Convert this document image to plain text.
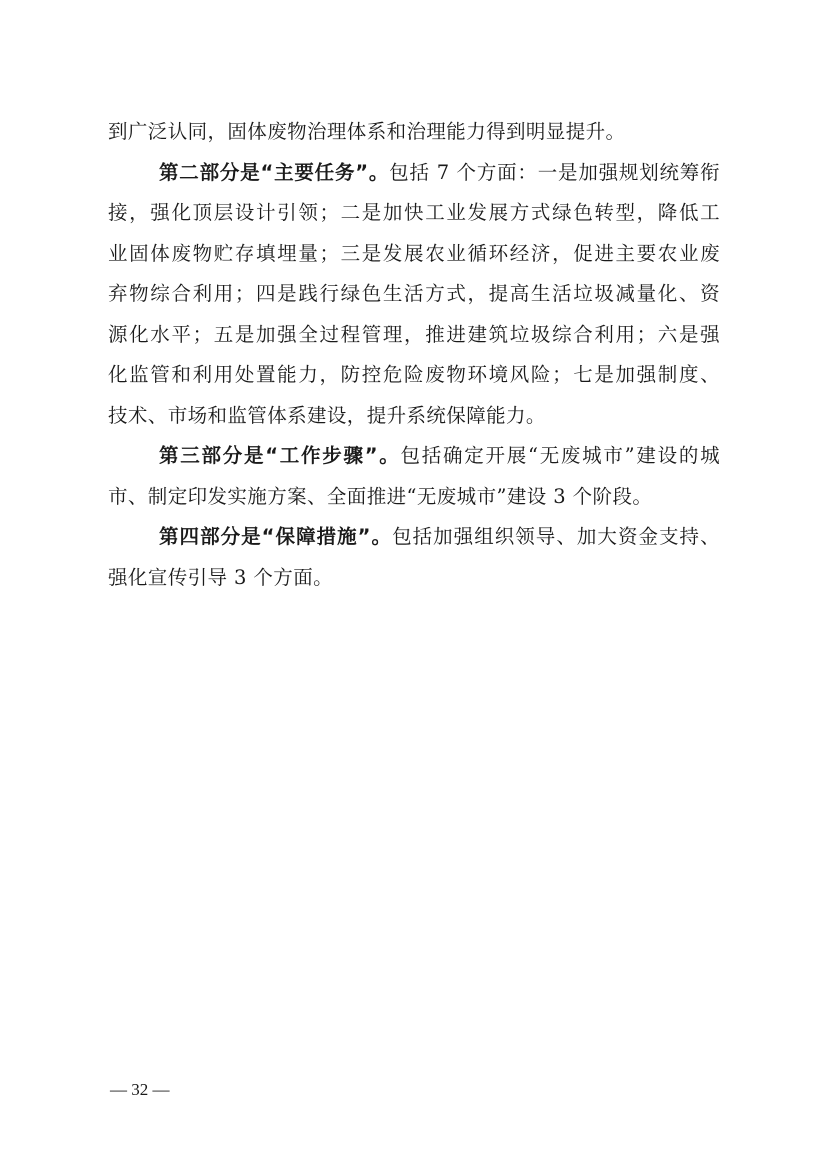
到广泛认同，固体废物治理体系和治理能力得到明显提升。
第二部分是“主要任务”。包括 7 个方面：一是加强规划统筹衔
接，强化顶层设计引领；二是加快工业发展方式绿色转型，降低工
业固体废物贮存填埋量；三是发展农业循环经济，促进主要农业废
弃物综合利用；四是践行绿色生活方式，提高生活垃圾减量化、资
源化水平；五是加强全过程管理，推进建筑垃圾综合利用；六是强
化监管和利用处置能力，防控危险废物环境风险；七是加强制度、
技术、市场和监管体系建设，提升系统保障能力。
第三部分是“工作步骤”。包括确定开展“无废城市”建设的城
市、制定印发实施方案、全面推进“无废城市”建设 3 个阶段。
第四部分是“保障措施”。包括加强组织领导、加大资金支持、
强化宣传引导 3 个方面。
— 32 —
